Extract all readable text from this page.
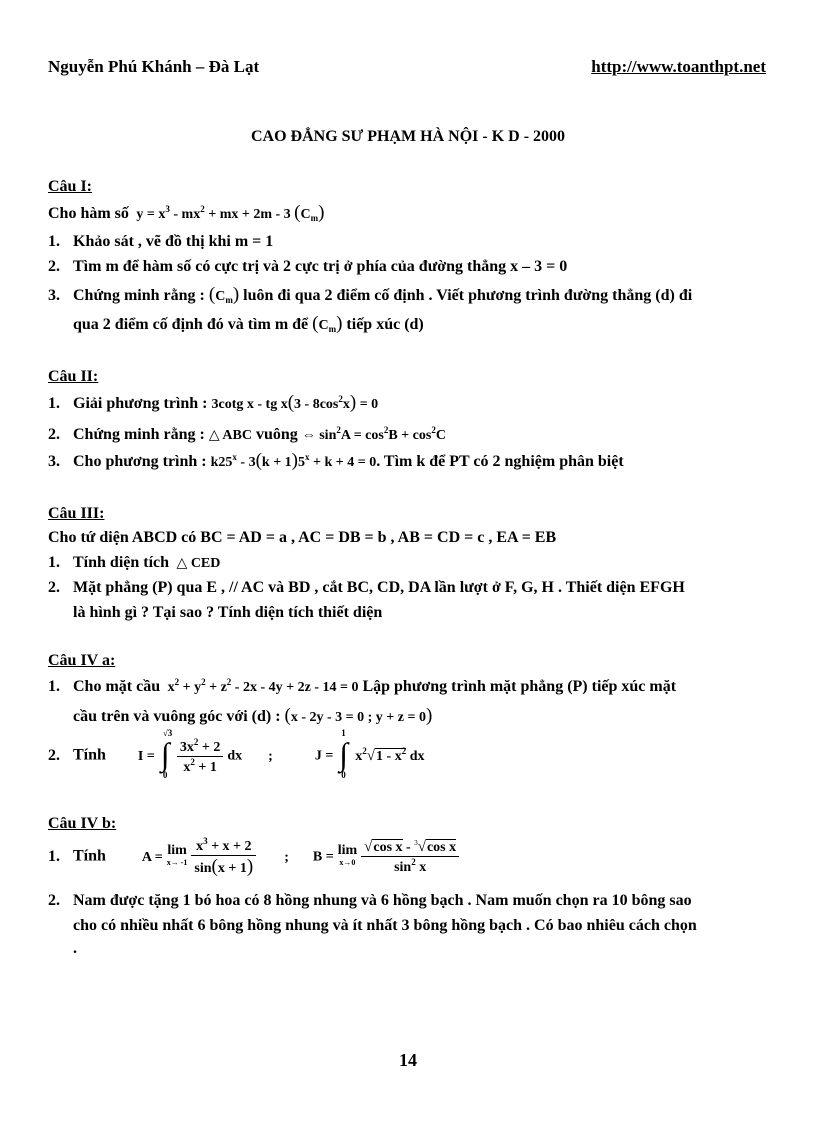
Nguyễn Phú Khánh – Đà Lạt	http://www.toanthpt.net
CAO ĐẲNG SƯ PHẠM HÀ NỘI - K D - 2000
Câu I:
Cho hàm số  $y = x^3 - mx^2$ + mx + 2m - 3 $(C_m)$
1. Khảo sát , vẽ đồ thị khi m = 1
2. Tìm m để hàm số có cực trị và 2 cực trị ở phía của đường thẳng x – 3 = 0
3. Chứng minh rằng : $(C_m)$ luôn đi qua 2 điểm cố định . Viết phương trình đường thẳng (d) đi
qua 2 điểm cố định đó và tìm m để $(C_m)$ tiếp xúc (d)
Câu II:
1. Giải phương trình : 3cotg x - tg $x(3 - 8\cos^2x) = 0$
2. Chứng minh rằng : △ ABC vuông ⇔ $\sin^2A = \cos^2B + \cos^2C$
3. Cho phương trình : $k25^x - 3(k + 1)5^x + k + 4 = 0$. Tìm k để PT có 2 nghiệm phân biệt
Câu III:
Cho tứ diện ABCD có BC = AD = a , AC = DB = b , AB = CD = c , EA = EB
1. Tính diện tích △ CED
2. Mặt phẳng (P) qua E , // AC và BD , cắt BC, CD, DA lần lượt ở F, G, H . Thiết diện EFGH
là hình gì ? Tại sao ? Tính diện tích thiết diện
Câu IV a:
1. Cho mặt cầu  $x^2 + y^2 + z^2 - 2x - 4y + 2z - 14 = 0$ Lập phương trình mặt phẳng (P) tiếp xúc mặt
cầu trên và vuông góc với (d) : (x - 2y - 3 = 0 ; y + z = 0)
2. Tính I = ∫
√3
0
$\frac{3x^2 + 2}{x^2 + 1}$ dx ;	J = ∫
1
0
$x^2√1 - x^2$ dx
Câu IV b:
1. Tính	A = lim
x→ -1
$\frac{x^3 + x + 2}{\sin(x + 1)}$ ; B = lim
x→0
$\frac{√\cos x - ^3√\cos x}{\sin^2 x}$
2. Nam được tặng 1 bó hoa có 8 hồng nhung và 6 hồng bạch . Nam muốn chọn ra 10 bông sao
cho có nhiều nhất 6 bông hồng nhung và ít nhất 3 bông hồng bạch . Có bao nhiêu cách chọn
.
14
